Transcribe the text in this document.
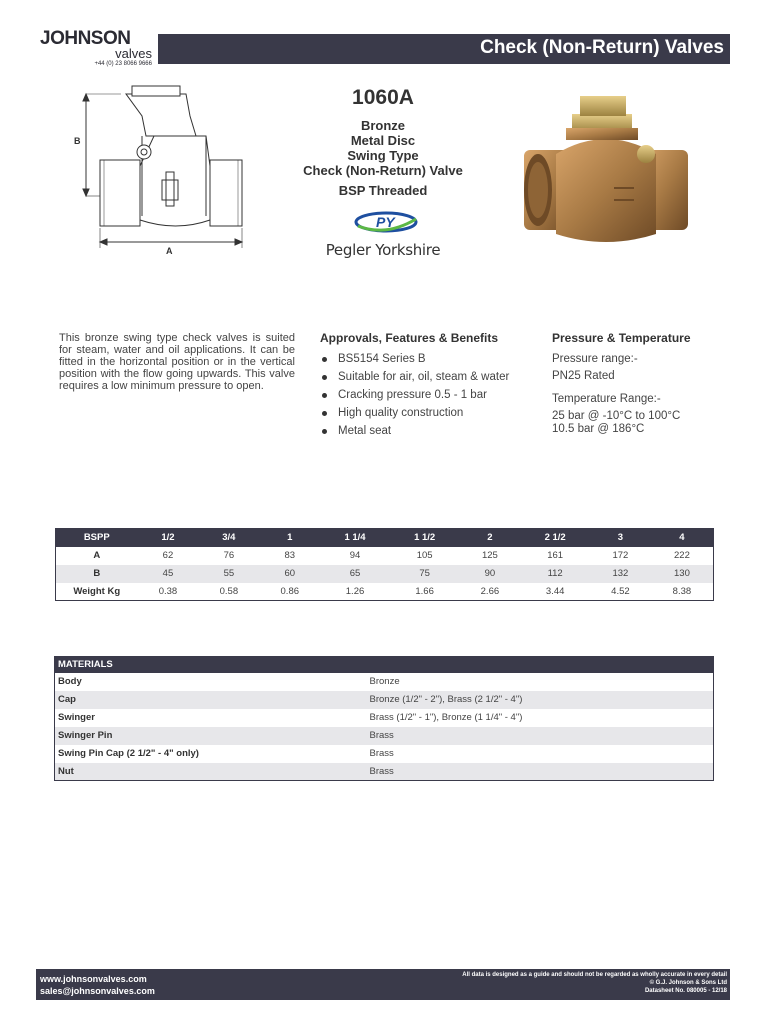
JOHNSON
valves
+44 (0) 23 8066 9666
Check (Non-Return) Valves
B
A
1060A
Bronze
Metal Disc
Swing Type
Check (Non-Return) Valve
BSP Threaded
PY
Pegler Yorkshire
This bronze swing type check valves is suited for steam, water and oil applications. It can be fitted in the horizontal position or in the vertical position with the flow going upwards. This valve requires a low minimum pressure to open.
Approvals, Features & Benefits
BS5154 Series B
Suitable for air, oil, steam & water
Cracking pressure 0.5 - 1 bar
High quality construction
Metal seat
Pressure & Temperature

Pressure range:-

PN25 Rated

Temperature Range:-

25 bar @ -10°C to 100°C

10.5 bar @ 186°C

BSPP	1/2	3/4	1	1 1/4	1 1/2	2	2 1/2	3	4
A	62	76	83	94	105	125	161	172	222
B	45	55	60	65	75	90	112	132	130
Weight Kg	0.38	0.58	0.86	1.26	1.66	2.66	3.44	4.52	8.38
MATERIALS	
Body	Bronze
Cap	Bronze (1/2" - 2"), Brass (2 1/2" - 4")
Swinger	Brass (1/2" - 1"), Bronze (1 1/4" - 4")
Swinger Pin	Brass
Swing Pin Cap (2 1/2" - 4" only)	Brass
Nut	Brass
www.johnsonvalves.com
sales@johnsonvalves.com
All data is designed as a guide and should not be regarded as wholly accurate in every detail
© G.J. Johnson & Sons Ltd
Datasheet No. 080005 - 12/18
